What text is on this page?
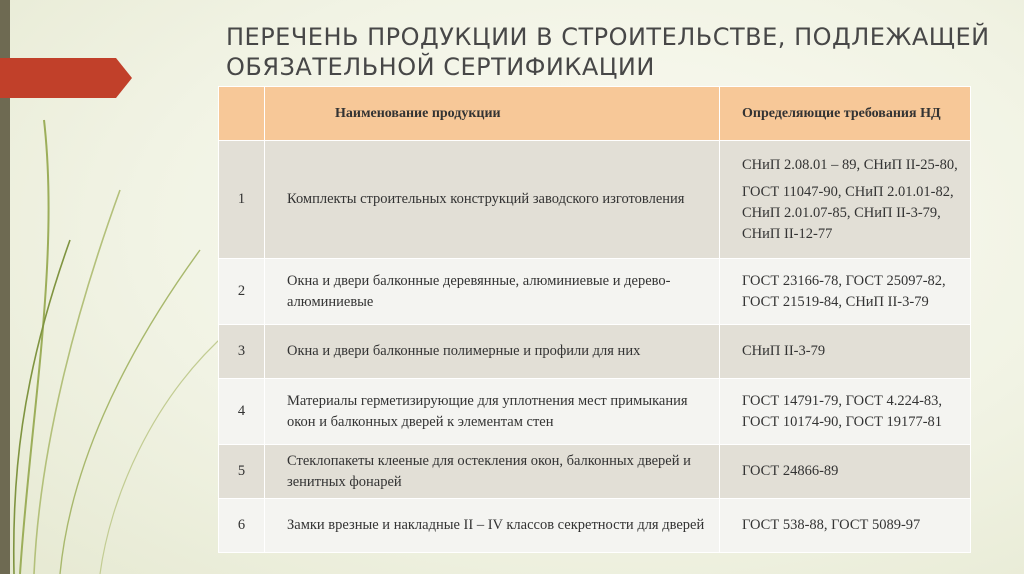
ПЕРЕЧЕНЬ ПРОДУКЦИИ В СТРОИТЕЛЬСТВЕ, ПОДЛЕЖАЩЕЙ
ОБЯЗАТЕЛЬНОЙ СЕРТИФИКАЦИИ
	Наименование продукции	Определяющие требования НД
1	Комплекты строительных конструкций заводского изготовления	СНиП 2.08.01 – 89, СНиП II-25-80,

ГОСТ 11047-90, СНиП 2.01.01-82, СНиП 2.01.07-85, СНиП II-3-79, СНиП II-12-77

2	Окна и двери балконные деревянные, алюминиевые и деревоалюминиевые	ГОСТ 23166-78, ГОСТ 25097-82, ГОСТ 21519-84, СНиП II-3-79
3	Окна и двери балконные полимерные и профили для них	СНиП II-3-79
4	Материалы герметизирующие для уплотнения мест примыкания окон и балконных дверей к элементам стен	ГОСТ 14791-79, ГОСТ 4.224-83, ГОСТ 10174-90, ГОСТ 19177-81
5	Стеклопакеты клееные для остекления окон, балконных дверей и зенитных фонарей	ГОСТ 24866-89
6	Замки врезные и накладные II – IV классов секретности для дверей	ГОСТ 538-88, ГОСТ 5089-97
